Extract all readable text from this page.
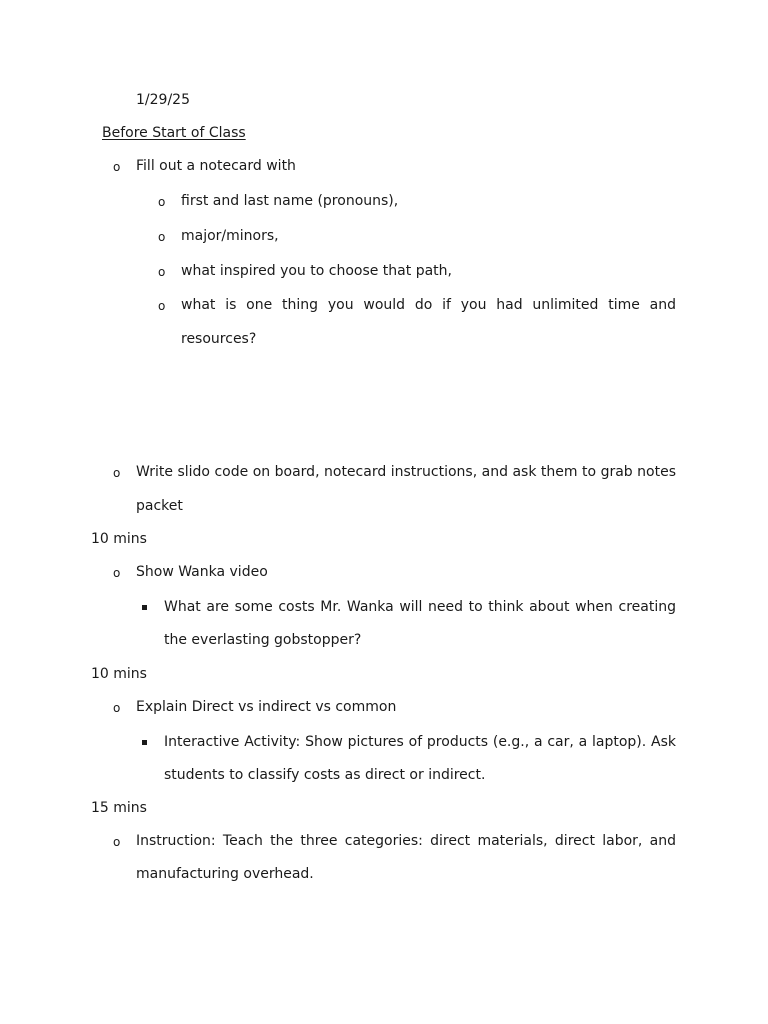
1/29/25
Before Start of Class
o Fill out a notecard with
o first and last name (pronouns),
o major/minors,
o what inspired you to choose that path,
o what is one thing you would do if you had unlimited time and
resources?
o Write slido code on board, notecard instructions, and ask them to grab notes
packet
10 mins
o Show Wanka video
What are some costs Mr. Wanka will need to think about when creating
the everlasting gobstopper?
10 mins
o Explain Direct vs indirect vs common
Interactive Activity: Show pictures of products (e.g., a car, a laptop). Ask
students to classify costs as direct or indirect.
15 mins
o Instruction: Teach the three categories: direct materials, direct labor, and
manufacturing overhead.
